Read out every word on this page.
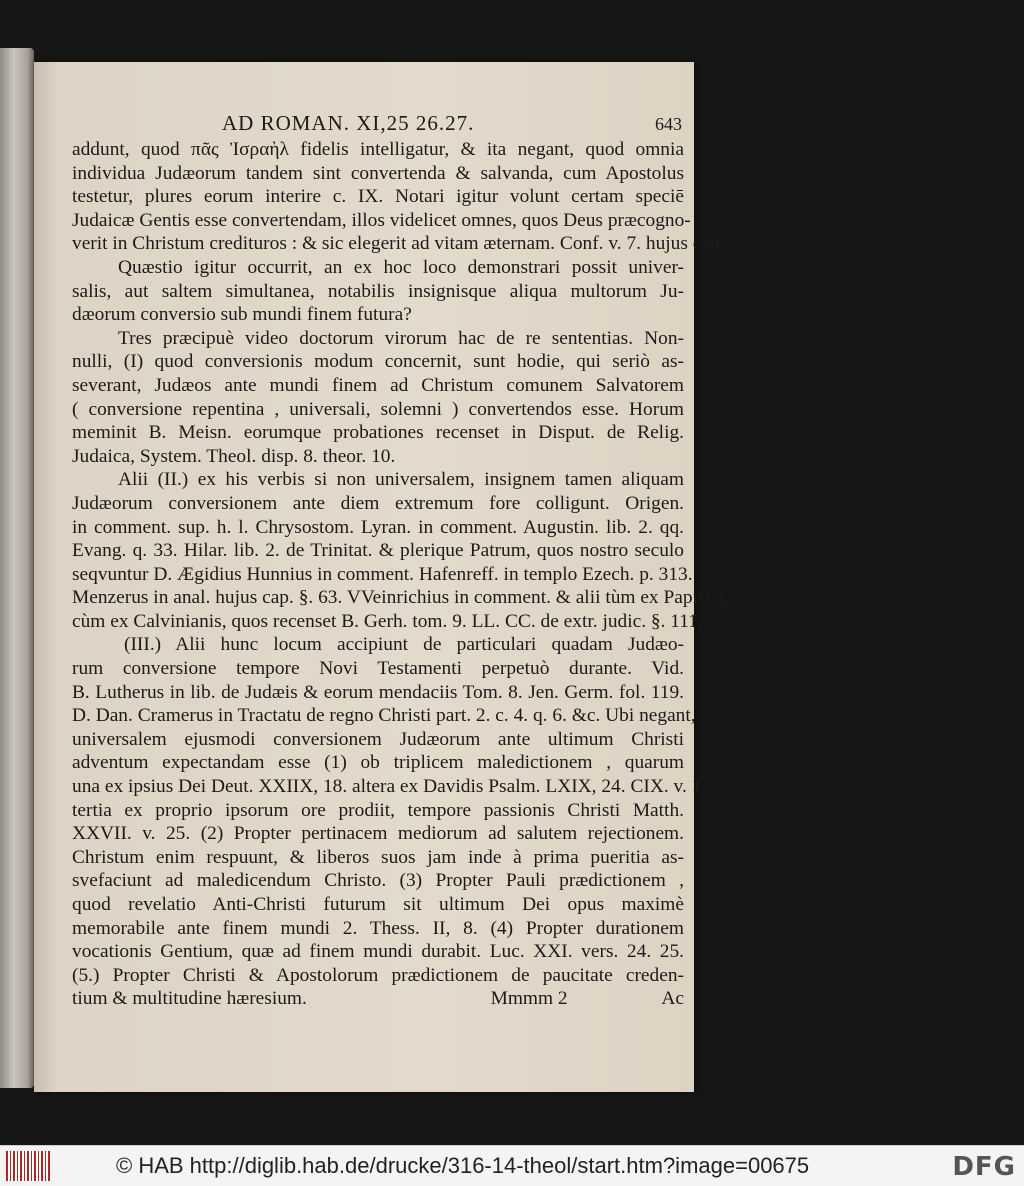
AD ROMAN. XI,25 26.27.	643
addunt, quod πᾶς Ἰσραὴλ fidelis intelligatur, & ita negant, quod omnia
individua Judæorum tandem sint convertenda & salvanda, cum Apostolus
testetur, plures eorum interire c. IX. Notari igitur volunt certam speciē
Judaicæ Gentis esse convertendam, illos videlicet omnes, quos Deus præcogno-
verit in Christum credituros : & sic elegerit ad vitam æternam. Conf. v. 7. hujus cap.
Quæstio igitur occurrit, an ex hoc loco demonstrari possit univer-
salis, aut saltem simultanea, notabilis insignisque aliqua multorum Ju-
dæorum conversio sub mundi finem futura?
Tres præcipuè video doctorum virorum hac de re sententias. Non-
nulli, (I) quod conversionis modum concernit, sunt hodie, qui seriò as-
severant, Judæos ante mundi finem ad Christum comunem Salvatorem
( conversione repentina , universali, solemni ) convertendos esse. Horum
meminit B. Meisn. eorumque probationes recenset in Disput. de Relig.
Judaica, System. Theol. disp. 8. theor. 10.
Alii (II.) ex his verbis si non universalem, insignem tamen aliquam
Judæorum conversionem ante diem extremum fore colligunt. Origen.
in comment. sup. h. l. Chrysostom. Lyran. in comment. Augustin. lib. 2. qq.
Evang. q. 33. Hilar. lib. 2. de Trinitat. & plerique Patrum, quos nostro seculo
seqvuntur D. Ægidius Hunnius in comment. Hafenreff. in templo Ezech. p. 313.
Menzerus in anal. hujus cap. §. 63. VVeinrichius in comment. & alii tùm ex Papistis,
cùm ex Calvinianis, quos recenset B. Gerh. tom. 9. LL. CC. de extr. judic. §. 111.
(III.) Alii hunc locum accipiunt de particulari quadam Judæo-
rum conversione tempore Novi Testamenti perpetuò durante. Vid.
B. Lutherus in lib. de Judæis & eorum mendaciis Tom. 8. Jen. Germ. fol. 119.
D. Dan. Cramerus in Tractatu de regno Christi part. 2. c. 4. q. 6. &c. Ubi negant,
universalem ejusmodi conversionem Judæorum ante ultimum Christi
adventum expectandam esse (1) ob triplicem maledictionem , quarum
una ex ipsius Dei Deut. XXIIX, 18. altera ex Davidis Psalm. LXIX, 24. CIX. v. 17.
tertia ex proprio ipsorum ore prodiit, tempore passionis Christi Matth.
XXVII. v. 25. (2) Propter pertinacem mediorum ad salutem rejectionem.
Christum enim respuunt, & liberos suos jam inde à prima pueritia as-
svefaciunt ad maledicendum Christo. (3) Propter Pauli prædictionem ,
quod revelatio Anti-Christi futurum sit ultimum Dei opus maximè
memorabile ante finem mundi 2. Thess. II, 8. (4) Propter durationem
vocationis Gentium, quæ ad finem mundi durabit. Luc. XXI. vers. 24. 25.
(5.) Propter Christi & Apostolorum prædictionem de paucitate creden-
tium & multitudine hæresium.	Mmmm 2	Ac
© HAB http://diglib.hab.de/drucke/316-14-theol/start.htm?image=00675	DFG
